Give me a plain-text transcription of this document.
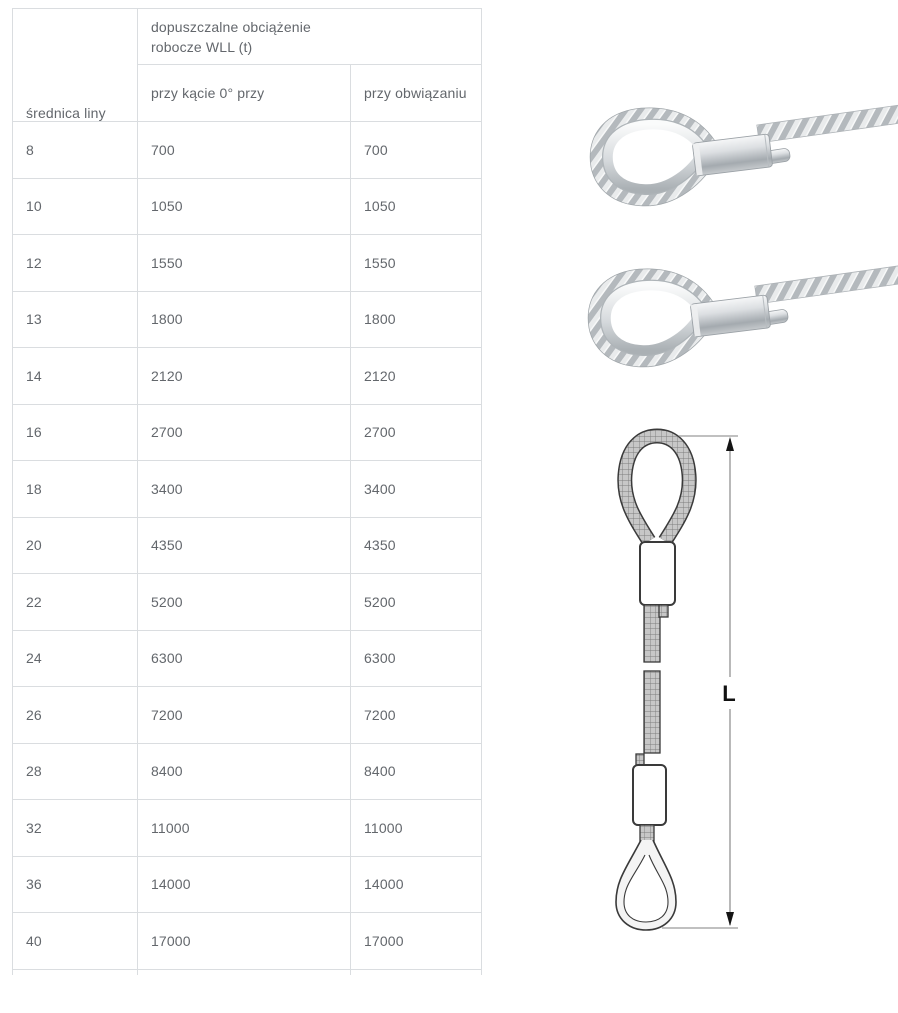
średnica liny	dopuszczalne obciążenie
robocze WLL (t)	

	przy kącie 0° przy	przy obwiązaniu
8	700	700
10	1050	1050
12	1550	1550
13	1800	1800
14	2120	2120
16	2700	2700
18	3400	3400
20	4350	4350
22	5200	5200
24	6300	6300
26	7200	7200
28	8400	8400
32	11000	11000
36	14000	14000
40	17000	17000

L
